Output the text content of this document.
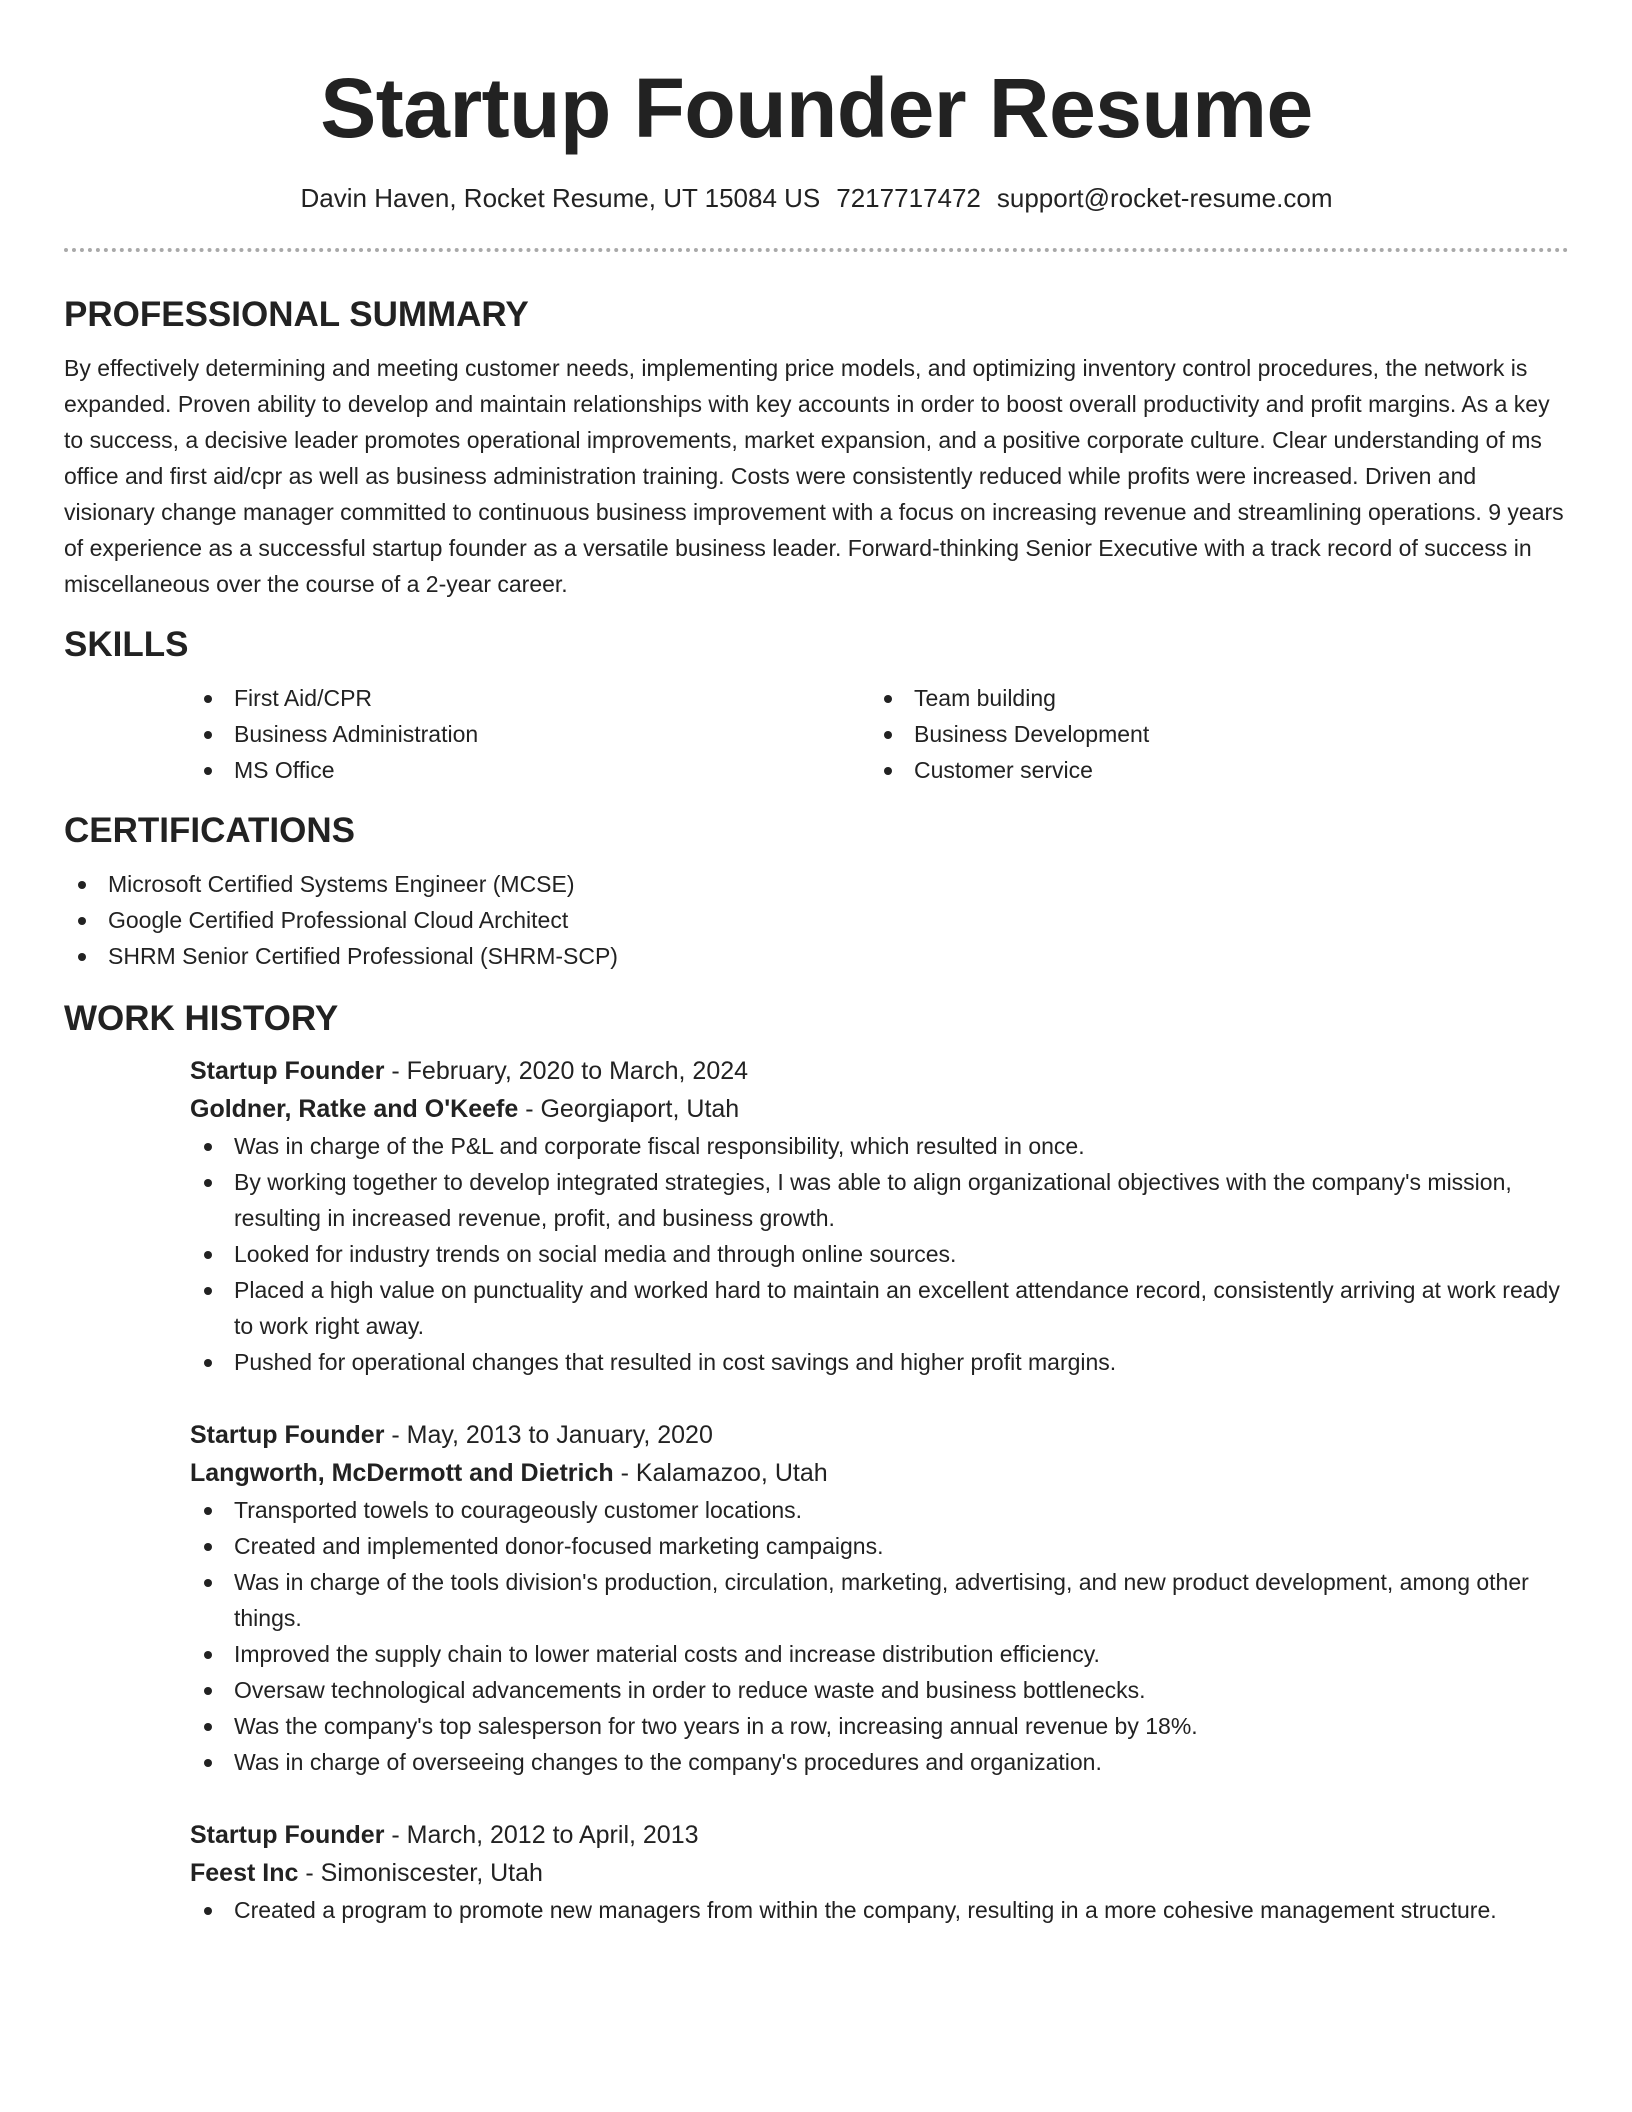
Startup Founder Resume
Davin Haven, Rocket Resume, UT 15084 US 7217717472 support@rocket-resume.com
PROFESSIONAL SUMMARY

By effectively determining and meeting customer needs, implementing price models, and optimizing inventory control procedures, the network is expanded. Proven ability to develop and maintain relationships with key accounts in order to boost overall productivity and profit margins. As a key to success, a decisive leader promotes operational improvements, market expansion, and a positive corporate culture. Clear understanding of ms office and first aid/cpr as well as business administration training. Costs were consistently reduced while profits were increased. Driven and visionary change manager committed to continuous business improvement with a focus on increasing revenue and streamlining operations. 9 years of experience as a successful startup founder as a versatile business leader. Forward-thinking Senior Executive with a track record of success in miscellaneous over the course of a 2-year career.

SKILLS
First Aid/CPR
Business Administration
MS Office
Team building
Business Development
Customer service
CERTIFICATIONS
Microsoft Certified Systems Engineer (MCSE)
Google Certified Professional Cloud Architect
SHRM Senior Certified Professional (SHRM-SCP)
WORK HISTORY
Startup Founder - February, 2020 to March, 2024
Goldner, Ratke and O'Keefe - Georgiaport, Utah
Was in charge of the P&L and corporate fiscal responsibility, which resulted in once.
By working together to develop integrated strategies, I was able to align organizational objectives with the company's mission, resulting in increased revenue, profit, and business growth.
Looked for industry trends on social media and through online sources.
Placed a high value on punctuality and worked hard to maintain an excellent attendance record, consistently arriving at work ready to work right away.
Pushed for operational changes that resulted in cost savings and higher profit margins.
Startup Founder - May, 2013 to January, 2020
Langworth, McDermott and Dietrich - Kalamazoo, Utah
Transported towels to courageously customer locations.
Created and implemented donor-focused marketing campaigns.
Was in charge of the tools division's production, circulation, marketing, advertising, and new product development, among other things.
Improved the supply chain to lower material costs and increase distribution efficiency.
Oversaw technological advancements in order to reduce waste and business bottlenecks.
Was the company's top salesperson for two years in a row, increasing annual revenue by 18%.
Was in charge of overseeing changes to the company's procedures and organization.
Startup Founder - March, 2012 to April, 2013
Feest Inc - Simoniscester, Utah
Created a program to promote new managers from within the company, resulting in a more cohesive management structure.
